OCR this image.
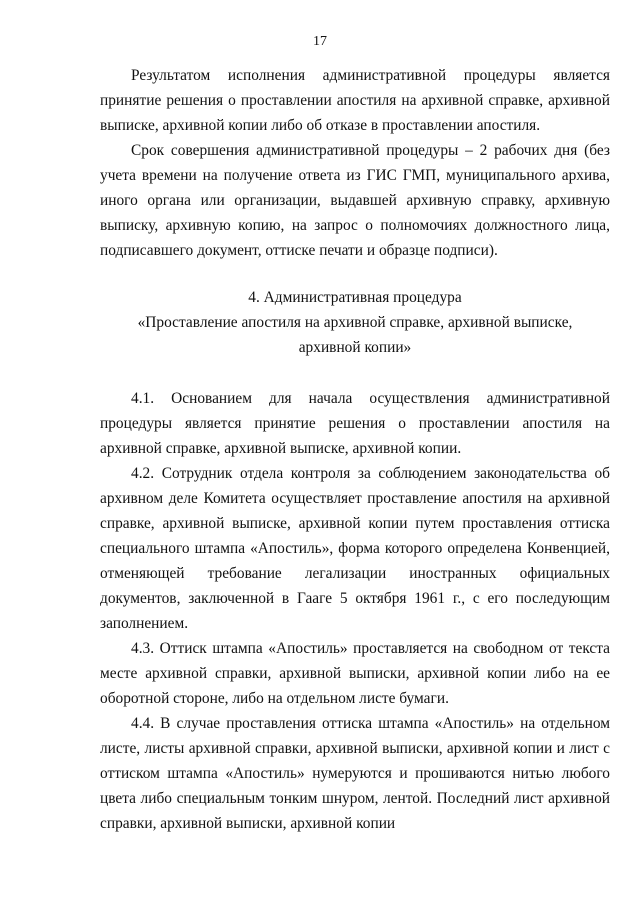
17

Результатом исполнения административной процедуры является принятие решения о проставлении апостиля на архивной справке, архивной выписке, архивной копии либо об отказе в проставлении апостиля.

Срок совершения административной процедуры – 2 рабочих дня (без учета времени на получение ответа из ГИС ГМП, муниципального архива, иного органа или организации, выдавшей архивную справку, архивную выписку, архивную копию, на запрос о полномочиях должностного лица, подписавшего документ, оттиске печати и образце подписи).

4. Административная процедура
«Проставление апостиля на архивной справке, архивной выписке,
архивной копии»

4.1. Основанием для начала осуществления административной процедуры является принятие решения о проставлении апостиля на архивной справке, архивной выписке, архивной копии.

4.2. Сотрудник отдела контроля за соблюдением законодательства об архивном деле Комитета осуществляет проставление апостиля на архивной справке, архивной выписке, архивной копии путем проставления оттиска специального штампа «Апостиль», форма которого определена Конвенцией, отменяющей требование легализации иностранных официальных документов, заключенной в Гааге 5 октября 1961 г., с его последующим заполнением.

4.3. Оттиск штампа «Апостиль» проставляется на свободном от текста месте архивной справки, архивной выписки, архивной копии либо на ее оборотной стороне, либо на отдельном листе бумаги.

4.4. В случае проставления оттиска штампа «Апостиль» на отдельном листе, листы архивной справки, архивной выписки, архивной копии и лист с оттиском штампа «Апостиль» нумеруются и прошиваются нитью любого цвета либо специальным тонким шнуром, лентой. Последний лист архивной справки, архивной выписки, архивной копии
